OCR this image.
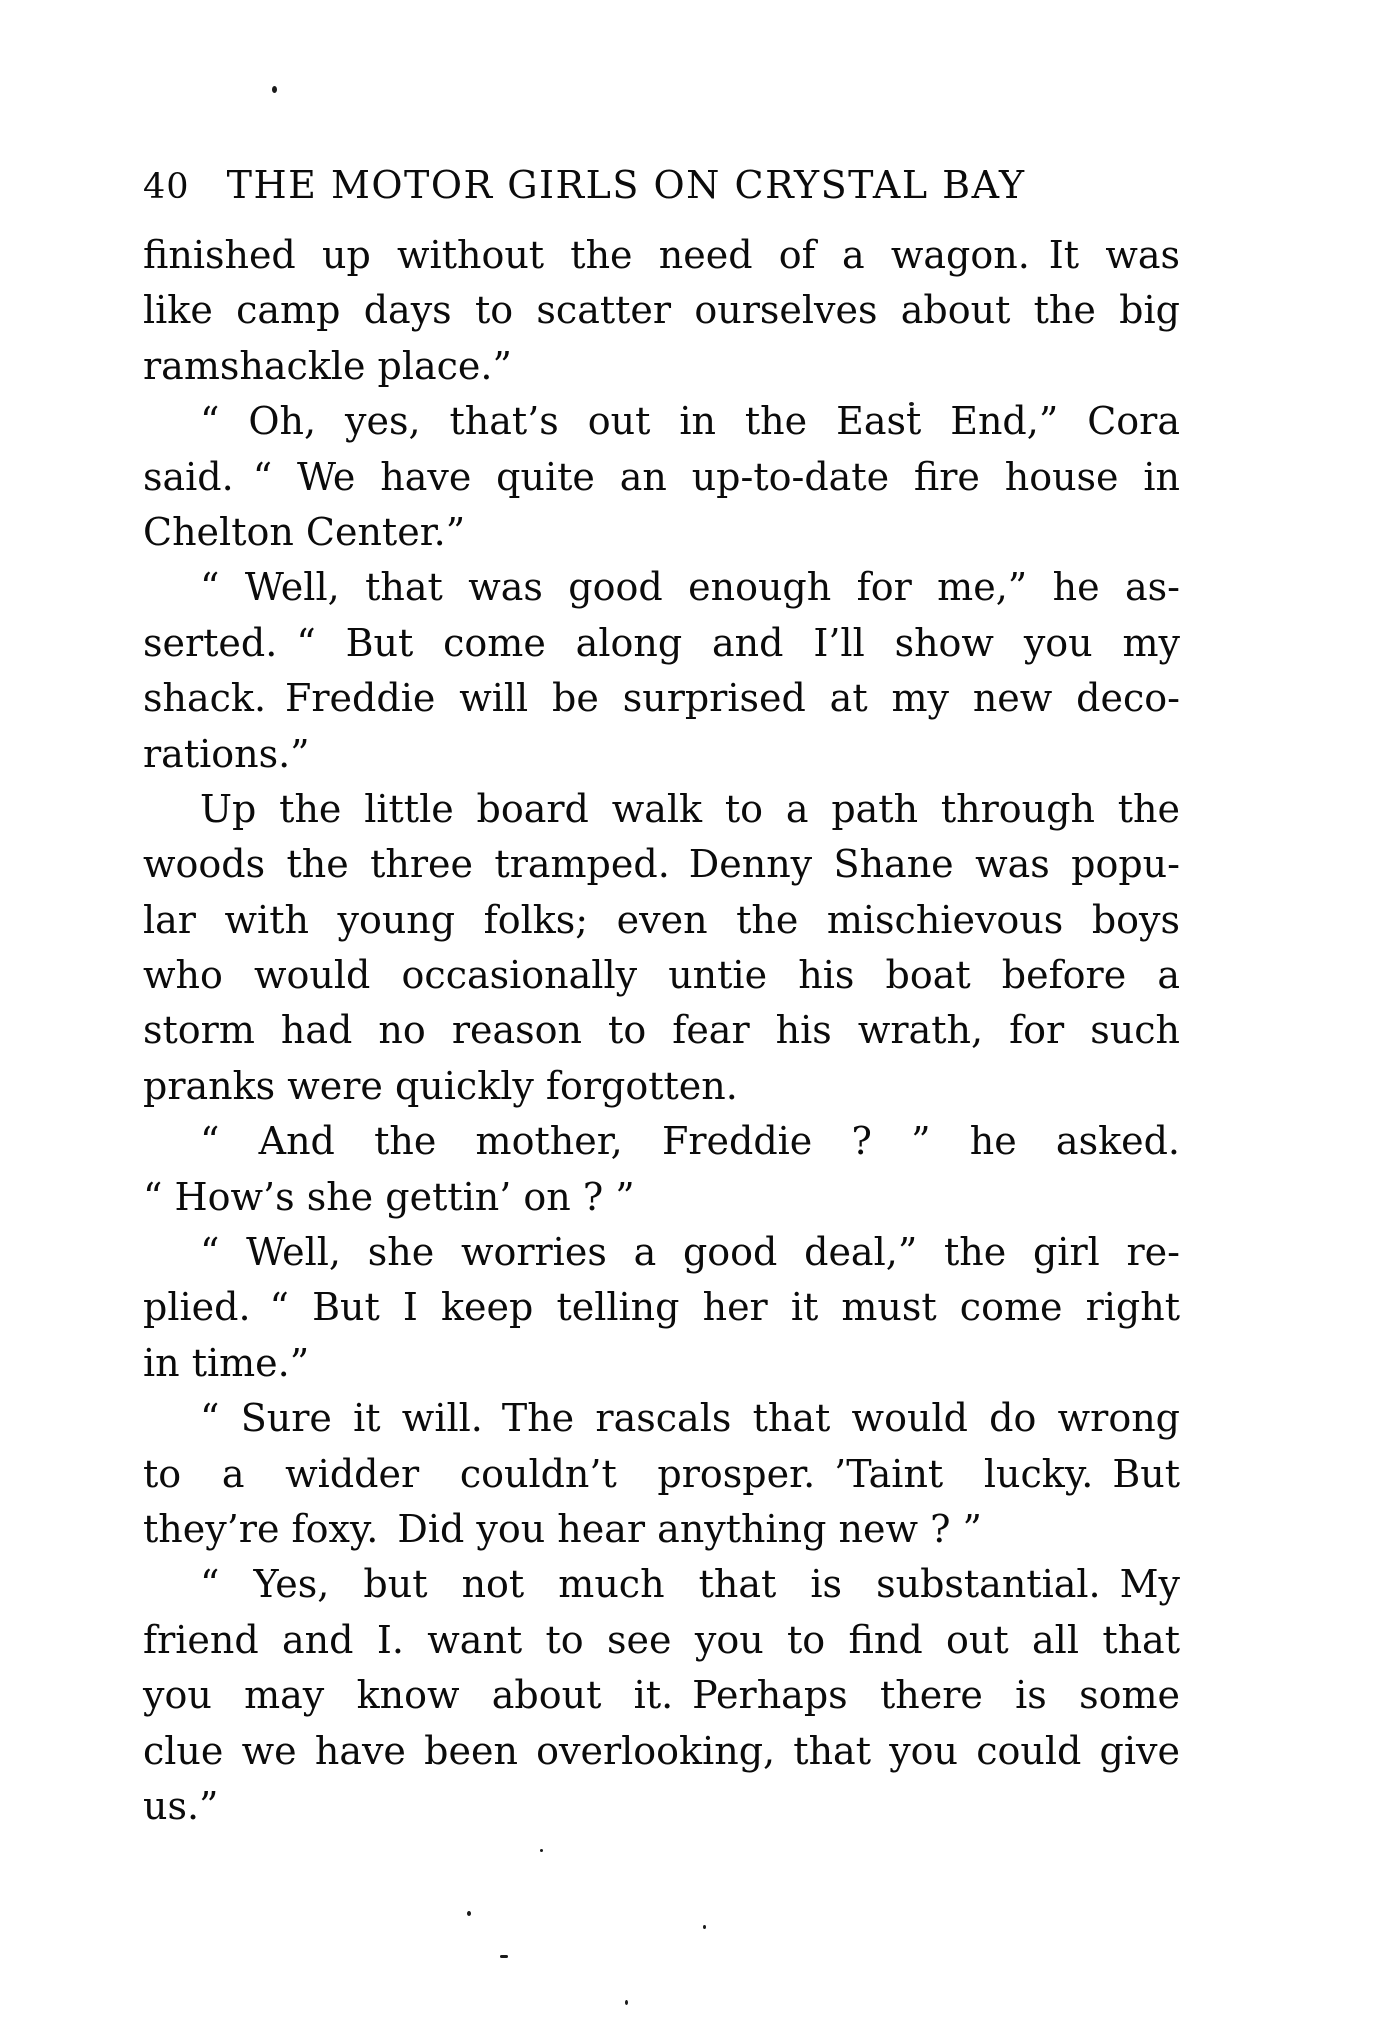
40 THE MOTOR GIRLS ON CRYSTAL BAY
finished up without the need of a wagon. It was
like camp days to scatter ourselves about the big
ramshackle place.”
“ Oh, yes, that’s out in the East End,” Cora
said. “ We have quite an up-to-date fire house in
Chelton Center.”
“ Well, that was good enough for me,” he as-
serted. “ But come along and I’ll show you my
shack. Freddie will be surprised at my new deco-
rations.”
Up the little board walk to a path through the
woods the three tramped. Denny Shane was popu-
lar with young folks; even the mischievous boys
who would occasionally untie his boat before a
storm had no reason to fear his wrath, for such
pranks were quickly forgotten.
“ And the mother, Freddie ? ” he asked.
“ How’s she gettin’ on ? ”
“ Well, she worries a good deal,” the girl re-
plied. “ But I keep telling her it must come right
in time.”
“ Sure it will. The rascals that would do wrong
to a widder couldn’t prosper. ’Taint lucky. But
they’re foxy. Did you hear anything new ? ”
“ Yes, but not much that is substantial. My
friend and I. want to see you to find out all that
you may know about it. Perhaps there is some
clue we have been overlooking, that you could give
us.”
